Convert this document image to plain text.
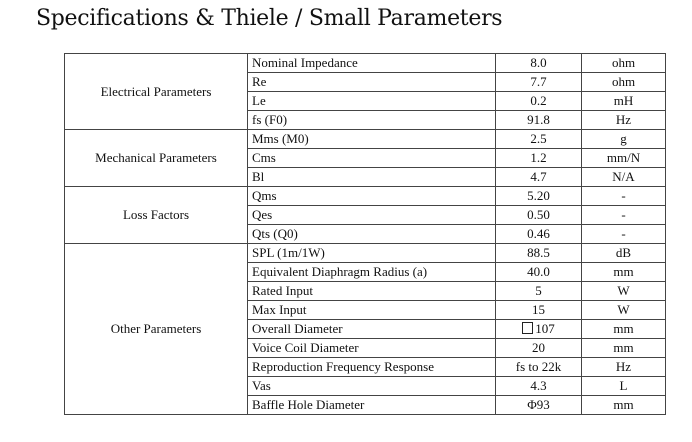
Specifications & Thiele / Small Parameters
Electrical Parameters	Nominal Impedance	8.0	ohm
	Re	7.7	ohm
	Le	0.2	mH
	fs (F0)	91.8	Hz
Mechanical Parameters	Mms (M0)	2.5	g
	Cms	1.2	mm/N
	Bl	4.7	N/A
Loss Factors	Qms	5.20	-
	Qes	0.50	-
	Qts (Q0)	0.46	-
Other Parameters	SPL (1m/1W)	88.5	dB
	Equivalent Diaphragm Radius (a)	40.0	mm
	Rated Input	5	W
	Max Input	15	W
	Overall Diameter	107	mm
	Voice Coil Diameter	20	mm
	Reproduction Frequency Response	fs to 22k	Hz
	Vas	4.3	L
	Baffle Hole Diameter	Φ93	mm
